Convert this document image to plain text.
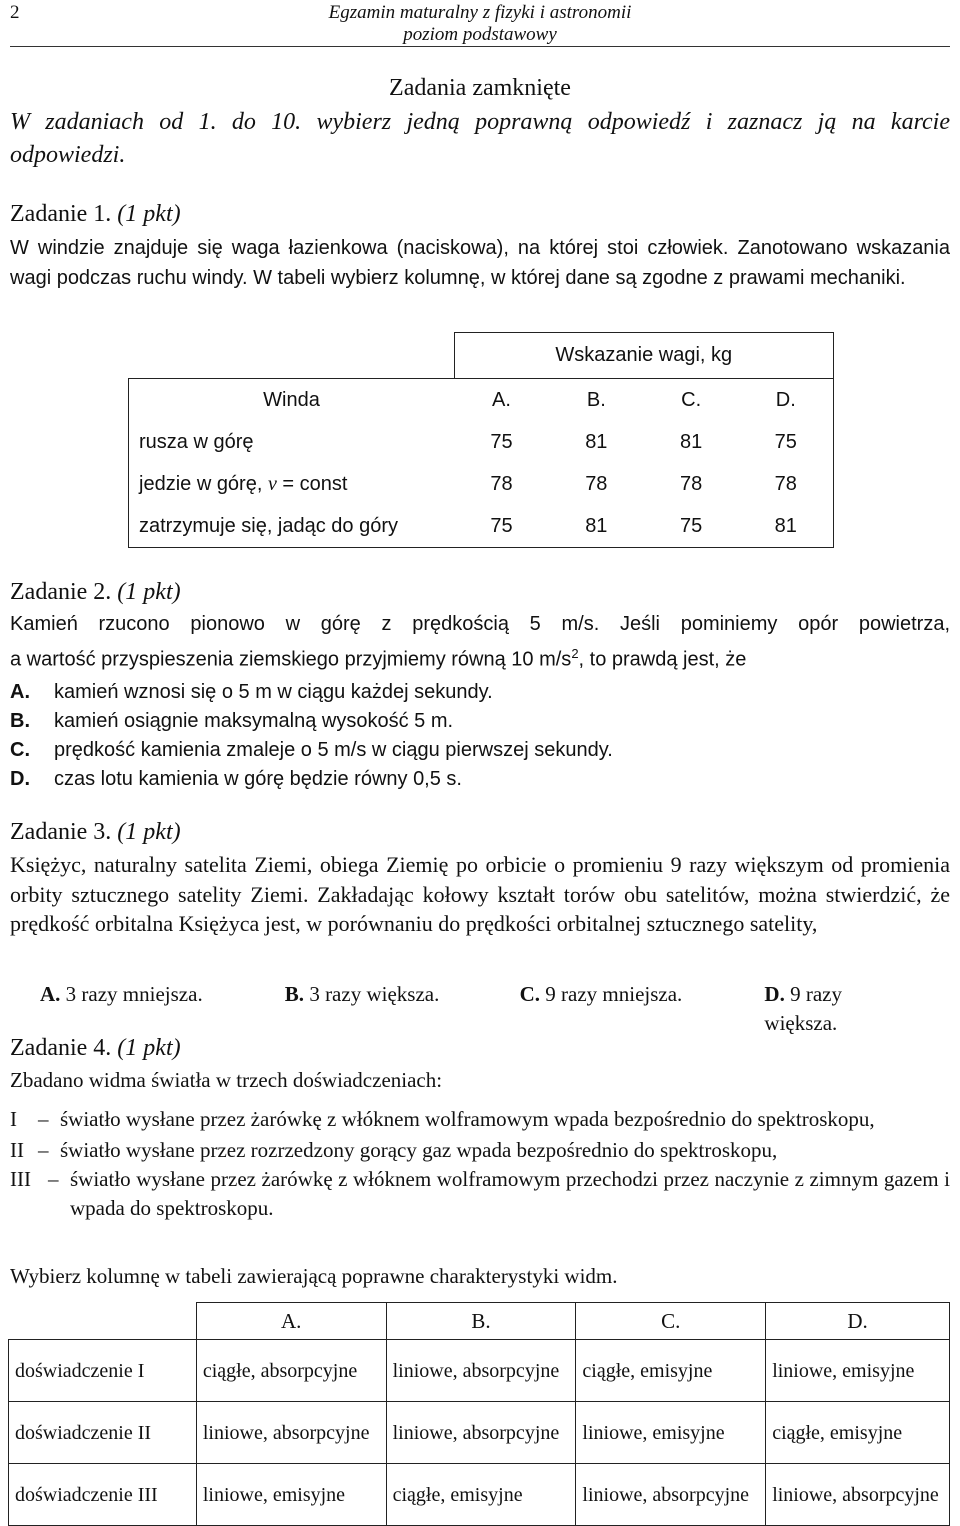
2	Egzamin maturalny z fizyki i astronomii
poziom podstawowy
Zadania zamknięte
W zadaniach od 1. do 10. wybierz jedną poprawną odpowiedź i zaznacz ją na karcie odpowiedzi.
Zadanie 1. (1 pkt)
W windzie znajduje się waga łazienkowa (naciskowa), na której stoi człowiek. Zanotowano wskazania wagi podczas ruchu windy. W tabeli wybierz kolumnę, w której dane są zgodne z prawami mechaniki.
	Wskazanie wagi, kg			
Winda	A.	B.	C.	D.
rusza w górę	75	81	81	75
jedzie w górę, v = const	78	78	78	78
zatrzymuje się, jadąc do góry	75	81	75	81
Zadanie 2. (1 pkt)
Kamień rzucono pionowo w górę z prędkością 5 m/s. Jeśli pominiemy opór powietrza,
a wartość przyspieszenia ziemskiego przyjmiemy równą 10 $m/s^2$, to prawdą jest, że
A. kamień wznosi się o 5 m w ciągu każdej sekundy.
B. kamień osiągnie maksymalną wysokość 5 m.
C. prędkość kamienia zmaleje o 5 m/s w ciągu pierwszej sekundy.
D. czas lotu kamienia w górę będzie równy 0,5 s.
Zadanie 3. (1 pkt)
Księżyc, naturalny satelita Ziemi, obiega Ziemię po orbicie o promieniu 9 razy większym od promienia orbity sztucznego satelity Ziemi. Zakładając kołowy kształt torów obu satelitów, można stwierdzić, że prędkość orbitalna Księżyca jest, w porównaniu do prędkości orbitalnej sztucznego satelity,
A. 3 razy mniejsza.	B. 3 razy większa.	C. 9 razy mniejsza.	D. 9 razy większa.
Zadanie 4. (1 pkt)
Zbadano widma światła w trzech doświadczeniach:
I	– światło wysłane przez żarówkę z włóknem wolframowym wpada bezpośrednio do spektroskopu,
II – światło wysłane przez rozrzedzony gorący gaz wpada bezpośrednio do spektroskopu,
III – światło wysłane przez żarówkę z włóknem wolframowym przechodzi przez naczynie z zimnym gazem i wpada do spektroskopu.
Wybierz kolumnę w tabeli zawierającą poprawne charakterystyki widm.
	A.	B.	C.	D.
doświadczenie I	ciągłe, absorpcyjne	liniowe, absorpcyjne	ciągłe, emisyjne	liniowe, emisyjne
doświadczenie II	liniowe, absorpcyjne	liniowe, absorpcyjne	liniowe, emisyjne	ciągłe, emisyjne
doświadczenie III	liniowe, emisyjne	ciągłe, emisyjne	liniowe, absorpcyjne	liniowe, absorpcyjne
